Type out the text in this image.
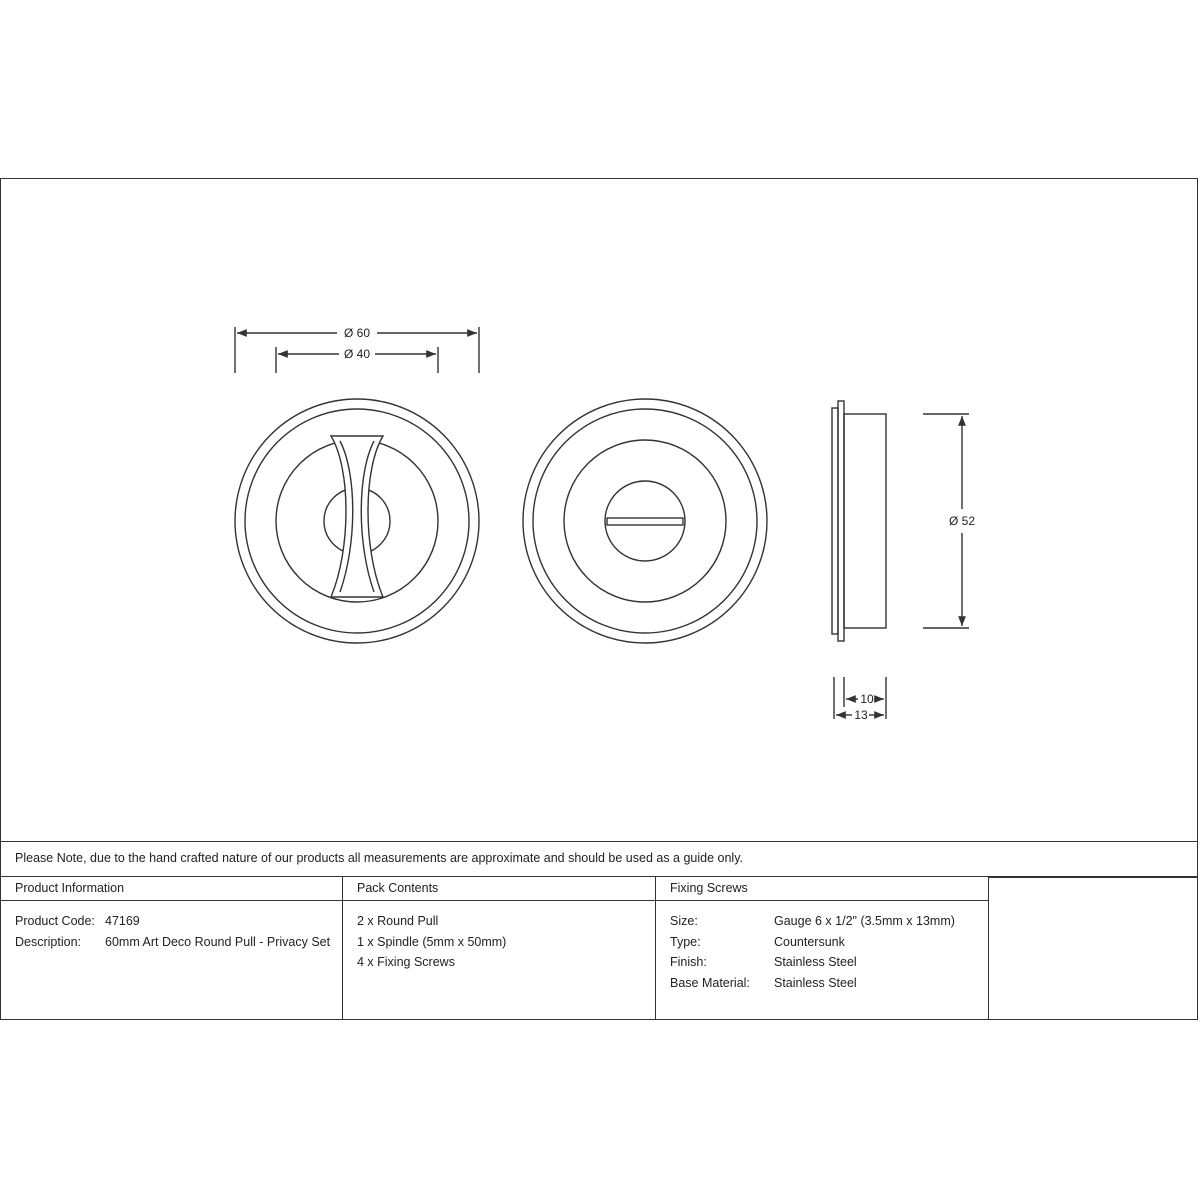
Ø 60
Ø 40
Ø 52
10
13
Please Note, due to the hand crafted nature of our products all measurements are approximate and should be used as a guide only.
Product Information
Product Code: 47169
Description:	60mm Art Deco Round Pull - Privacy Set
Pack Contents
2 x Round Pull
1 x Spindle (5mm x 50mm)
4 x Fixing Screws
Fixing Screws
Size:	Gauge 6 x 1/2" (3.5mm x 13mm)
Type:	Countersunk
Finish:	Stainless Steel
Base Material:	Stainless Steel
